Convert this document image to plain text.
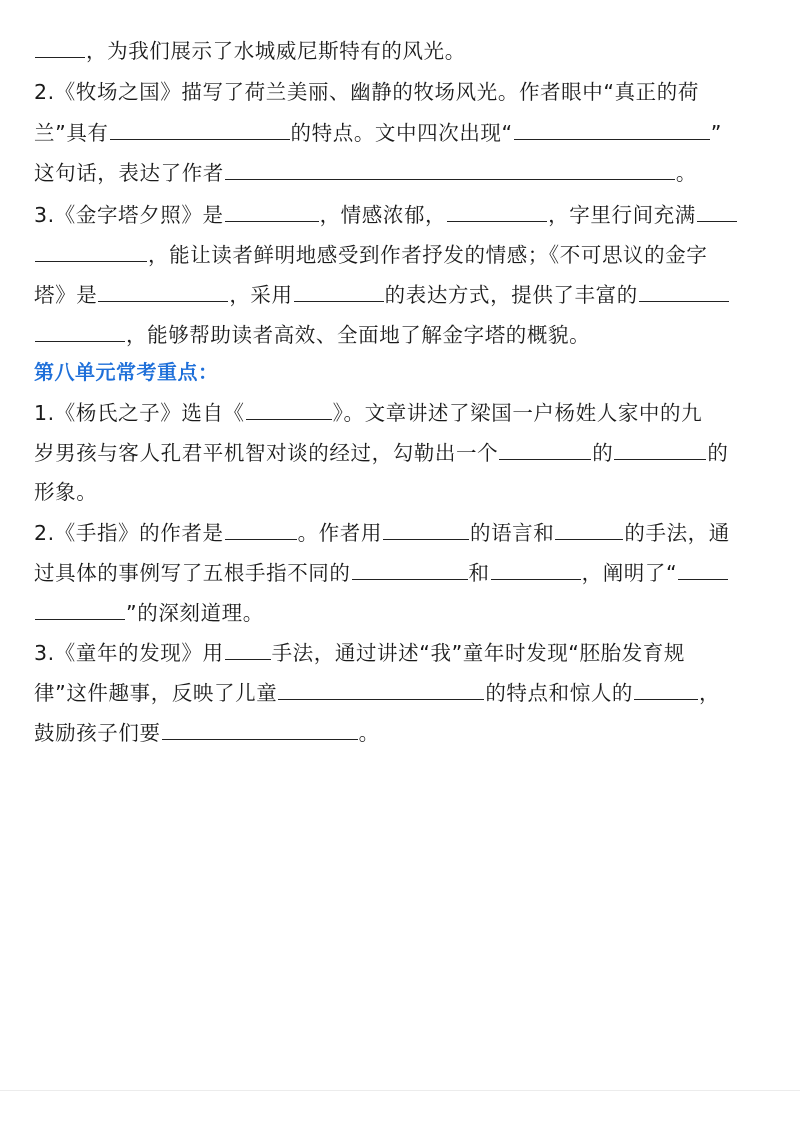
，为我们展示了水城威尼斯特有的风光。
2.《牧场之国》描写了荷兰美丽、幽静的牧场风光。作者眼中“真正的荷
兰”具有	的特点。文中四次出现“	”
这句话，表达了作者	。
3.《金字塔夕照》是	，情感浓郁，	，字里行间充满
，能让读者鲜明地感受到作者抒发的情感；《不可思议的金字
塔》是	，采用	的表达方式，提供了丰富的
，能够帮助读者高效、全面地了解金字塔的概貌。
第八单元常考重点：
1.《杨氏之子》选自《	》。文章讲述了梁国一户杨姓人家中的九
岁男孩与客人孔君平机智对谈的经过，勾勒出一个	的	的
形象。
2.《手指》的作者是	。作者用	的语言和	的手法，通
过具体的事例写了五根手指不同的	和	，阐明了“
”的深刻道理。
3.《童年的发现》用 手法，通过讲述“我”童年时发现“胚胎发育规
律”这件趣事，反映了儿童	的特点和惊人的	，
鼓励孩子们要	。
